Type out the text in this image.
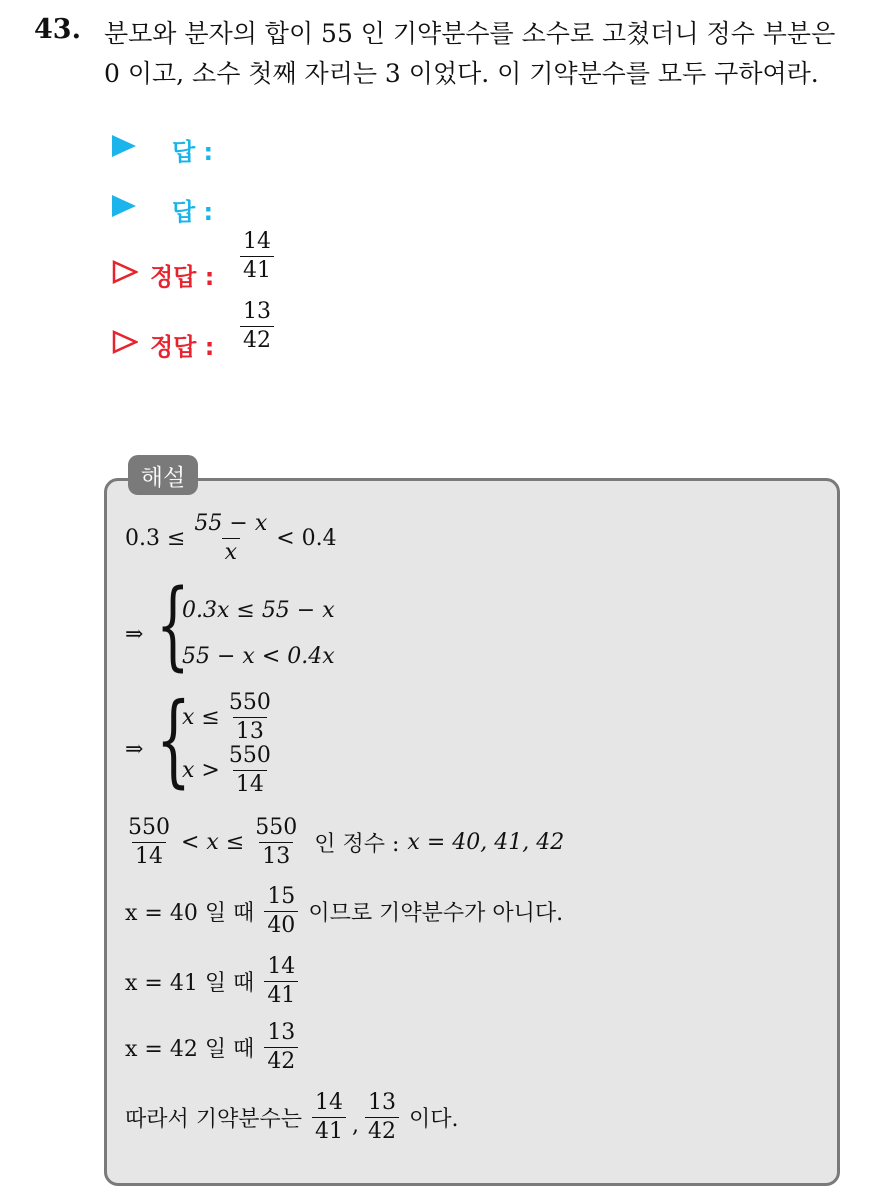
43. 분모와 분자의 합이 55 인 기약분수를 소수로 고쳤더니 정수 부분은
0 이고, 소수 첫째 자리는 3 이었다. 이 기약분수를 모두 구하여라.
답 :
답 :
정답 : $\frac{14}{41}$
정답 : $\frac{13}{42}$
해설
$0.3 \le \frac{55 - x}{x} < 0.4$
⇒ {
0.3x ≤ 55 − x
55 − x < 0.4x
⇒ {
$x \le \frac{550}{13}$
$x > \frac{550}{14}$
$\frac{550}{14} < x \le \frac{550}{13}$ 인 정수 : x = 40, 41, 42
x = 40 일 때 $\frac{15}{40}$ 이므로 기약분수가 아니다.
x = 41 일 때 $\frac{14}{41}$
x = 42 일 때 $\frac{13}{42}$
따라서 기약분수는 $\frac{14}{41}$ , $\frac{13}{42}$ 이다.
